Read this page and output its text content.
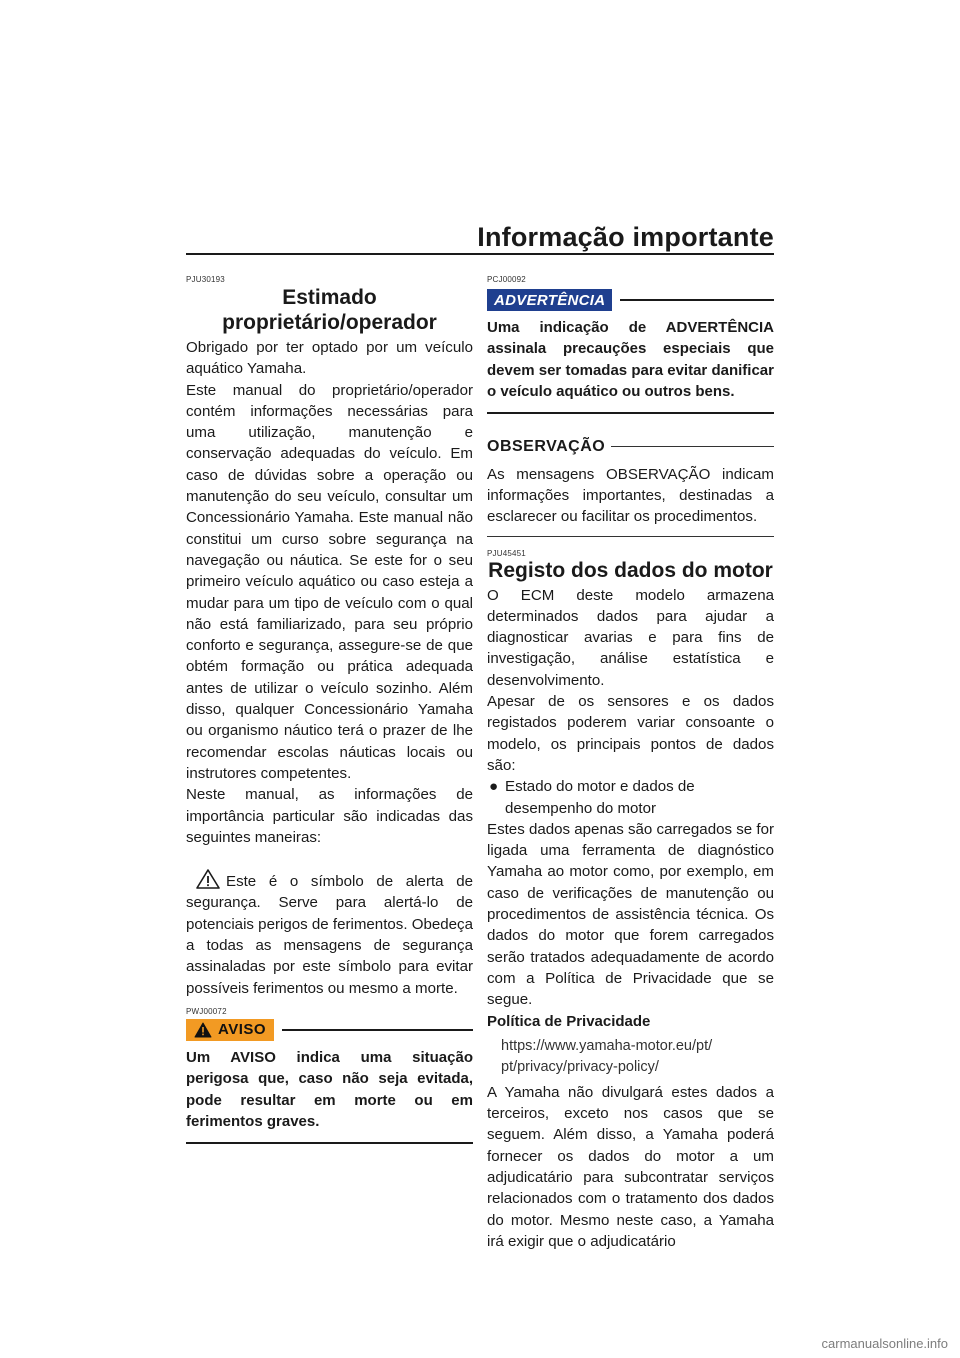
Informação importante
PJU30193
Estimado
proprietário/operador

Obrigado por ter optado por um veículo aquático Yamaha.

Este manual do proprietário/operador contém informações necessárias para uma utilização, manutenção e conservação adequadas do veículo. Em caso de dúvidas sobre a operação ou manutenção do seu veículo, consultar um Concessionário Yamaha. Este manual não constitui um curso sobre segurança na navegação ou náutica. Se este for o seu primeiro veículo aquático ou caso esteja a mudar para um tipo de veículo com o qual não está familiarizado, para seu próprio conforto e segurança, assegure-se de que obtém formação ou prática adequada antes de utilizar o veículo sozinho. Além disso, qualquer Concessionário Yamaha ou organismo náutico terá o prazer de lhe recomendar escolas náuticas locais ou instrutores competentes.

Neste manual, as informações de importância particular são indicadas das seguintes maneiras:

Este é o símbolo de alerta de segurança. Serve para alertá-lo de potenciais perigos de ferimentos. Obedeça a todas as mensagens de segurança assinaladas por este símbolo para evitar possíveis ferimentos ou mesmo a morte.

PWJ00072
AVISO

Um AVISO indica uma situação perigosa que, caso não seja evitada, pode resultar em morte ou em ferimentos graves.

PCJ00092
ADVERTÊNCIA

Uma indicação de ADVERTÊNCIA assinala precauções especiais que devem ser tomadas para evitar danificar o veículo aquático ou outros bens.

OBSERVAÇÃO

As mensagens OBSERVAÇÃO indicam informações importantes, destinadas a esclarecer ou facilitar os procedimentos.

PJU45451
Registo dos dados do motor

O ECM deste modelo armazena determinados dados para ajudar a diagnosticar avarias e para fins de investigação, análise estatística e desenvolvimento.

Apesar de os sensores e os dados registados poderem variar consoante o modelo, os principais pontos de dados são:

● Estado do motor e dados de desempenho do motor

Estes dados apenas são carregados se for ligada uma ferramenta de diagnóstico Yamaha ao motor como, por exemplo, em caso de verificações de manutenção ou procedimentos de assistência técnica. Os dados do motor que forem carregados serão tratados adequadamente de acordo com a Política de Privacidade que se segue.

Política de Privacidade

https://www.yamaha-motor.eu/pt/
pt/privacy/privacy-policy/

A Yamaha não divulgará estes dados a terceiros, exceto nos casos que se seguem. Além disso, a Yamaha poderá fornecer os dados do motor a um adjudicatário para subcontratar serviços relacionados com o tratamento dos dados do motor. Mesmo neste caso, a Yamaha irá exigir que o adjudicatário

carmanualsonline.info
